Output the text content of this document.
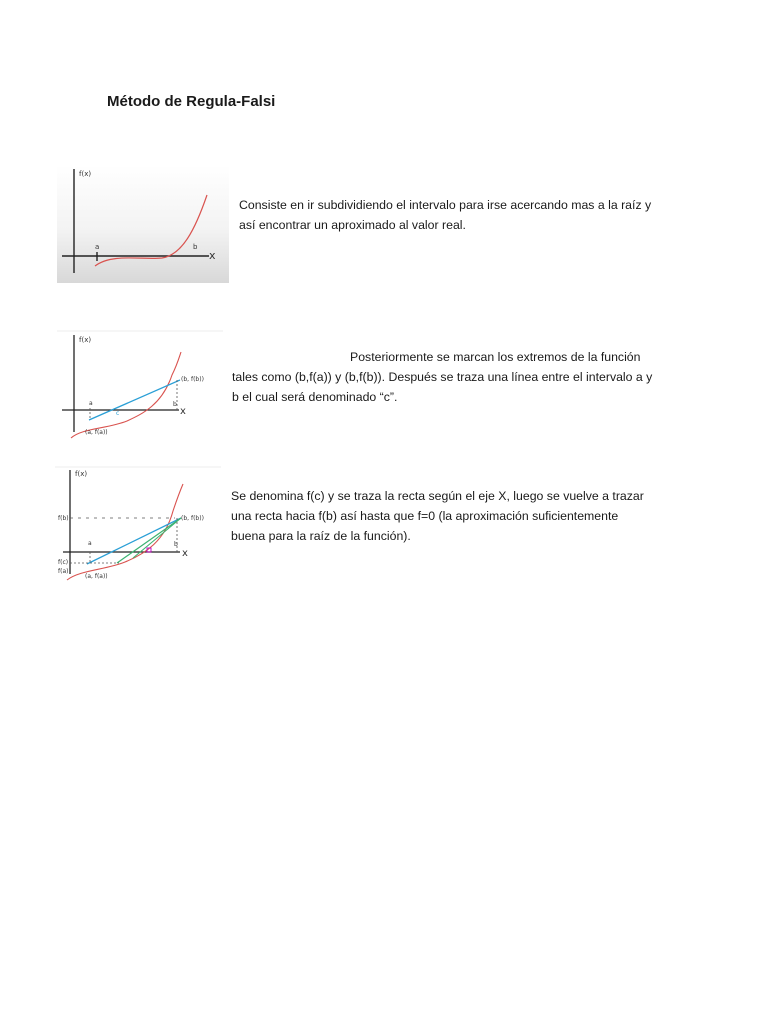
Método de Regula-Falsi
f(x)
a	b
x
Consiste en ir subdividiendo el intervalo para irse acercando mas a la raíz y
así encontrar un aproximado al valor real.
f(x)
a	b
c	x
(b, f(b))
(a, f(a))
Posteriormente se marcan los extremos de la función
tales como (b,f(a)) y (b,f(b)). Después se traza una línea entre el intervalo a y
b el cual será denominado “c”.
f(x)
f(b)
f(c)
f(a)
a	b
x
(b, f(b))
(a, f(a))
Se denomina f(c) y se traza la recta según el eje X, luego se vuelve a trazar
una recta hacia f(b) así hasta que f=0 (la aproximación suficientemente
buena para la raíz de la función).
